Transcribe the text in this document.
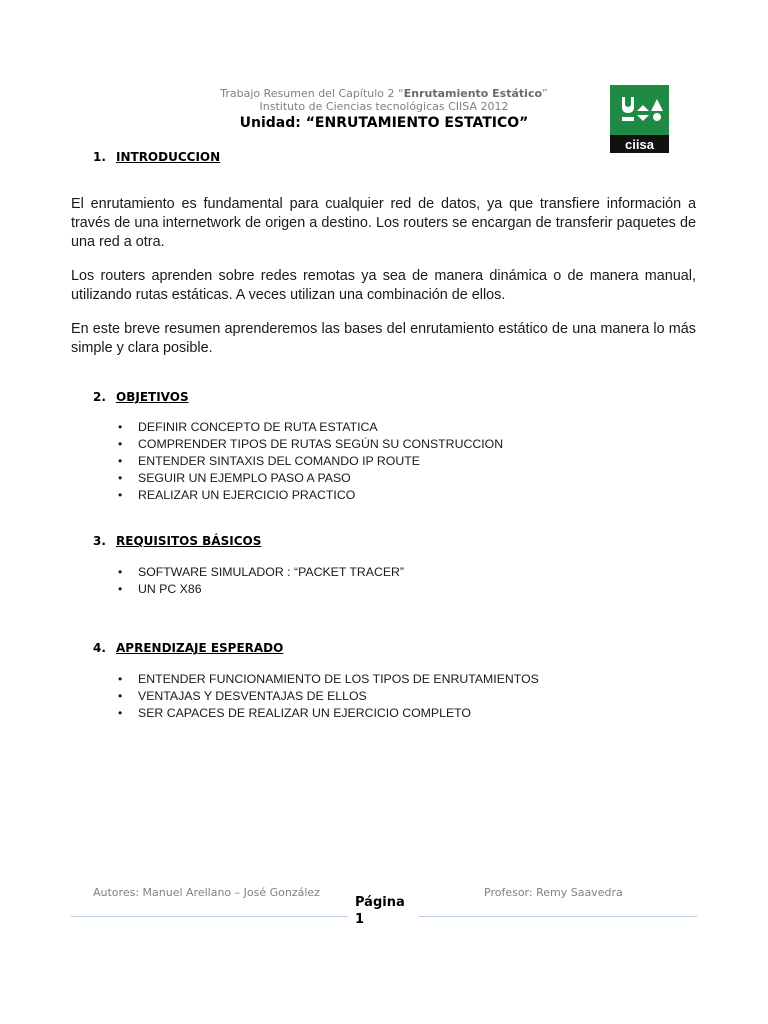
Trabajo Resumen del Capítulo 2 “Enrutamiento Estático”
Instituto de Ciencias tecnológicas CIISA 2012
Unidad: “ENRUTAMIENTO ESTATICO”
ciisa
1. INTRODUCCION
El enrutamiento es fundamental para cualquier red de datos, ya que transfiere información a través de una internetwork de origen a destino. Los routers se encargan de transferir paquetes de una red a otra.
Los routers aprenden sobre redes remotas ya sea de manera dinámica o de manera manual, utilizando rutas estáticas. A veces utilizan una combinación de ellos.
En este breve resumen aprenderemos las bases del enrutamiento estático de una manera lo más simple y clara posible.
2. OBJETIVOS
• DEFINIR CONCEPTO DE RUTA ESTATICA
• COMPRENDER TIPOS DE RUTAS SEGÚN SU CONSTRUCCION
• ENTENDER SINTAXIS DEL COMANDO IP ROUTE
• SEGUIR UN EJEMPLO PASO A PASO
• REALIZAR UN EJERCICIO PRACTICO
3. REQUISITOS BÁSICOS
• SOFTWARE SIMULADOR : “PACKET TRACER”
• UN PC X86
4. APRENDIZAJE ESPERADO
• ENTENDER FUNCIONAMIENTO DE LOS TIPOS DE ENRUTAMIENTOS
• VENTAJAS Y DESVENTAJAS DE ELLOS
• SER CAPACES DE REALIZAR UN EJERCICIO COMPLETO
Autores: Manuel Arellano – José González
Página
1
Profesor: Remy Saavedra
